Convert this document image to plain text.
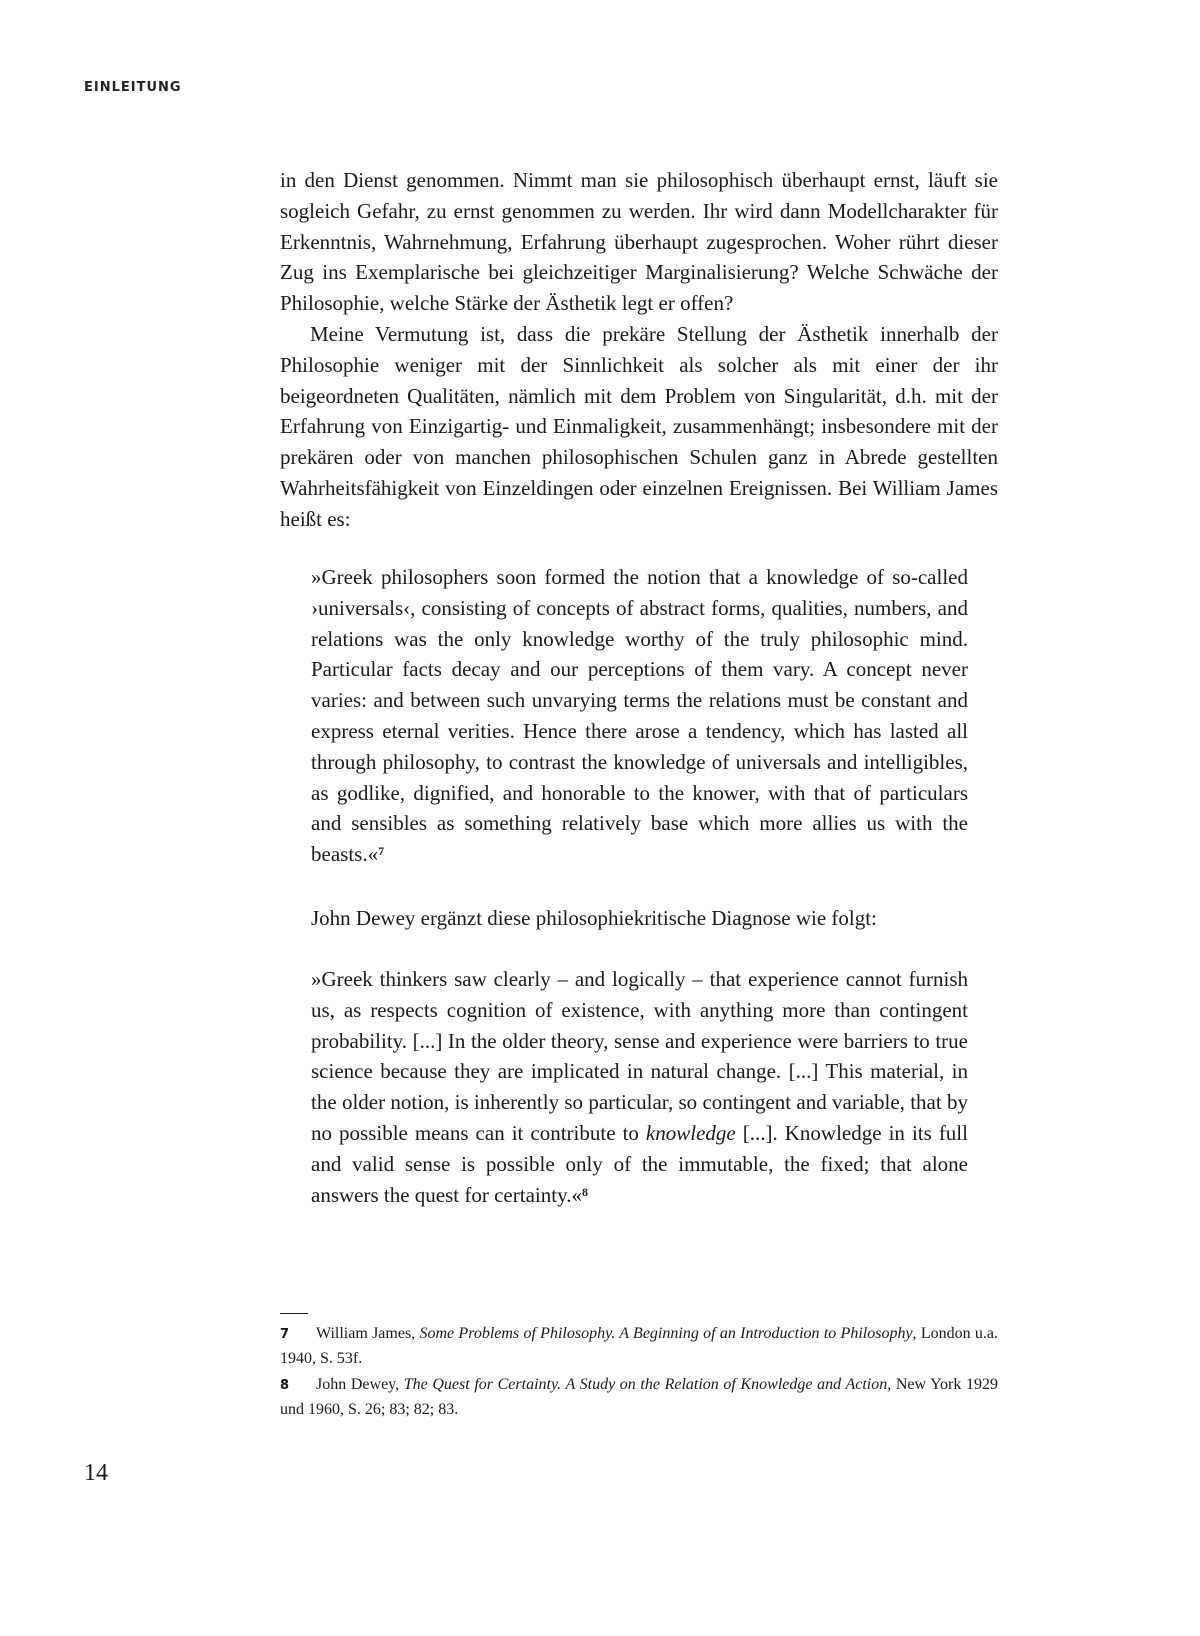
EINLEITUNG

in den Dienst genommen. Nimmt man sie philosophisch überhaupt ernst, läuft sie sogleich Gefahr, zu ernst genommen zu werden. Ihr wird dann Modellcharakter für Erkenntnis, Wahrnehmung, Erfahrung überhaupt zugesprochen. Woher rührt dieser Zug ins Exemplarische bei gleichzeitiger Marginalisierung? Welche Schwäche der Philosophie, welche Stärke der Ästhetik legt er offen?

Meine Vermutung ist, dass die prekäre Stellung der Ästhetik innerhalb der Philosophie weniger mit der Sinnlichkeit als solcher als mit einer der ihr beigeordneten Qualitäten, nämlich mit dem Problem von Singularität, d.h. mit der Erfahrung von Einzigartig- und Einmaligkeit, zusammenhängt; insbesondere mit der prekären oder von manchen philosophischen Schulen ganz in Abrede gestellten Wahrheitsfähigkeit von Einzeldingen oder einzelnen Ereignissen. Bei William James heißt es:

»Greek philosophers soon formed the notion that a knowledge of so-called ›universals‹, consisting of concepts of abstract forms, qualities, numbers, and relations was the only knowledge worthy of the truly philosophic mind. Particular facts decay and our perceptions of them vary. A concept never varies: and between such unvarying terms the relations must be constant and express eternal verities. Hence there arose a tendency, which has lasted all through philosophy, to contrast the knowledge of universals and intelligibles, as godlike, dignified, and honorable to the knower, with that of particulars and sensibles as something relatively base which more allies us with the beasts.«$^7$

John Dewey ergänzt diese philosophiekritische Diagnose wie folgt:

»Greek thinkers saw clearly – and logically – that experience cannot furnish us, as respects cognition of existence, with anything more than contingent probability. [...] In the older theory, sense and experience were barriers to true science because they are implicated in natural change. [...] This material, in the older notion, is inherently so particular, so contingent and variable, that by no possible means can it contribute to knowledge [...]. Knowledge in its full and valid sense is possible only of the immutable, the fixed; that alone answers the quest for certainty.«$^8$

7 William James, Some Problems of Philosophy. A Beginning of an Introduction to Philosophy, London u.a. 1940, S. 53f.

8 John Dewey, The Quest for Certainty. A Study on the Relation of Knowledge and Action, New York 1929 und 1960, S. 26; 83; 82; 83.

14
